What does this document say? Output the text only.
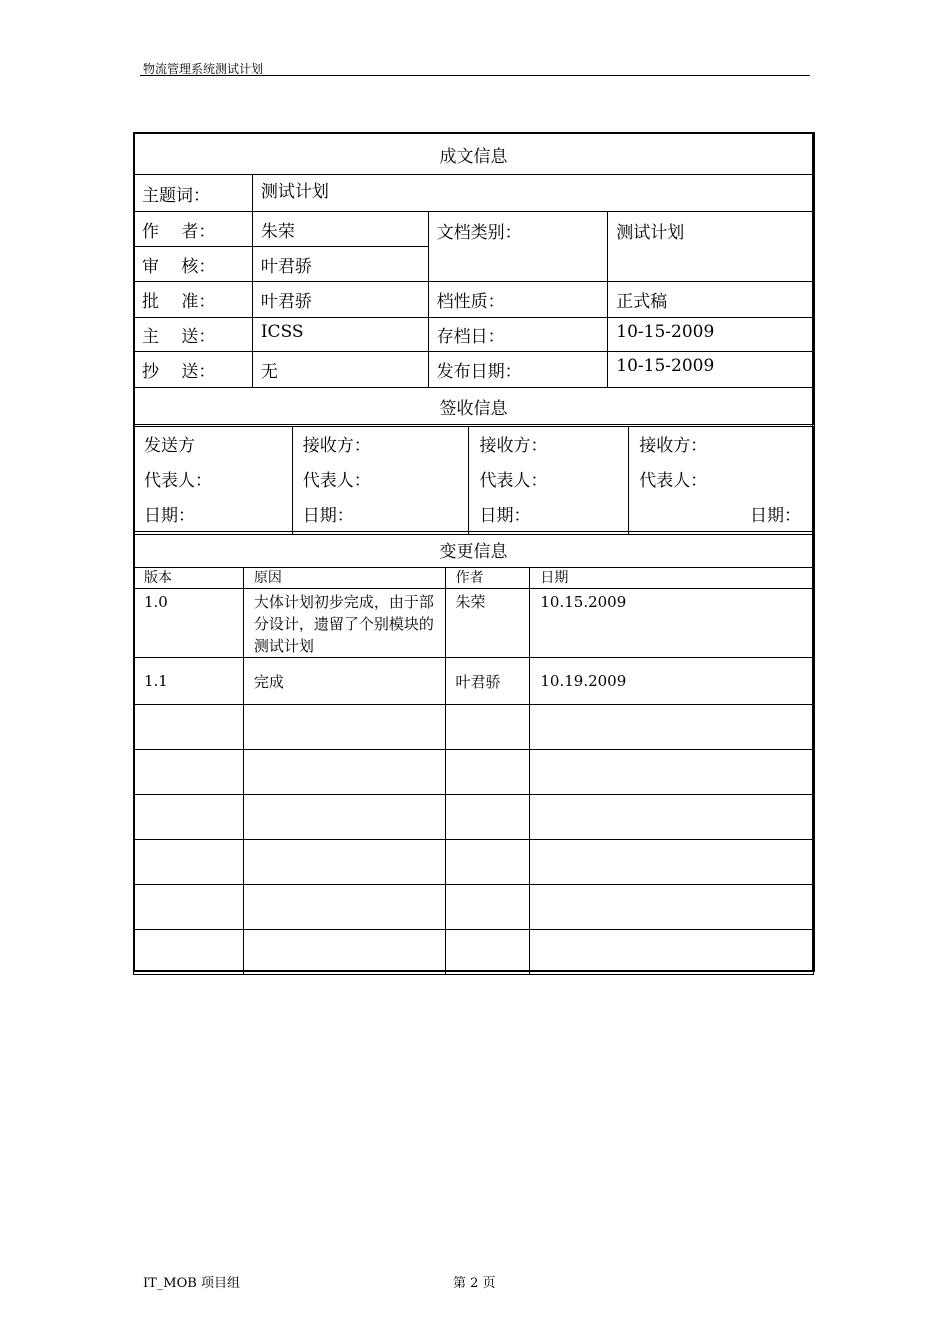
物流管理系统测试计划
成文信息			
主题词：	测试计划		
作　 者：	朱荣	文档类别：	测试计划
审　 核：	叶君骄		
批　 准：	叶君骄	档性质：	正式稿
主　 送：	ICSS	存档日：	10-15-2009
抄　 送：	无	发布日期：	10-15-2009
签收信息			
发送方
代表人：
日期：

接收方：
代表人：
日期：

接收方：
代表人：
日期：

接收方：
代表人：
日期：
变更信息			
版本	原因	作者	日期
1.0	大体计划初步完成，由于部分设计，遗留了个别模块的测试计划	朱荣	10.15.2009
1.1	完成	叶君骄	10.19.2009

IT_MOB 项目组	第 2 页
